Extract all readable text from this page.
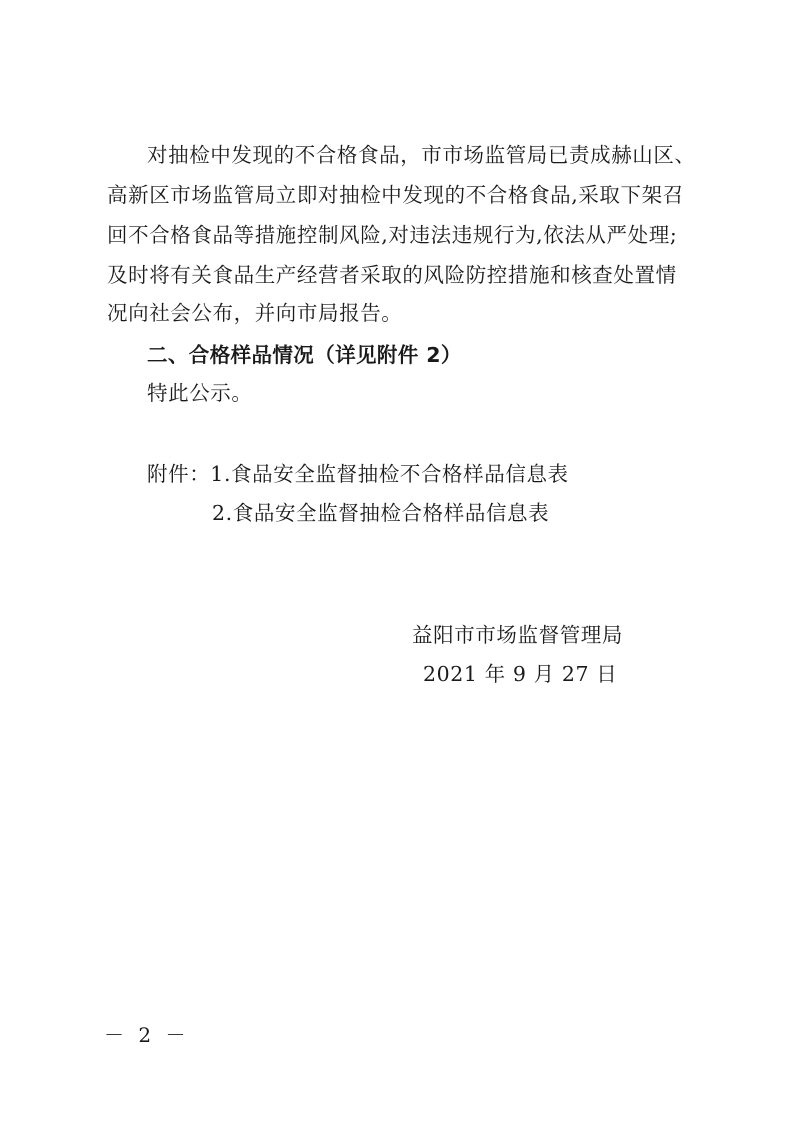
对抽检中发现的不合格食品，市市场监管局已责成赫山区、
高新区市场监管局立即对抽检中发现的不合格食品,采取下架召
回不合格食品等措施控制风险,对违法违规行为,依法从严处理;
及时将有关食品生产经营者采取的风险防控措施和核查处置情
况向社会公布，并向市局报告。
二、合格样品情况（详见附件 2）
特此公示。
附件：1.食品安全监督抽检不合格样品信息表
2.食品安全监督抽检合格样品信息表
益阳市市场监督管理局
2021 年 9 月 27 日
－ 2 －
